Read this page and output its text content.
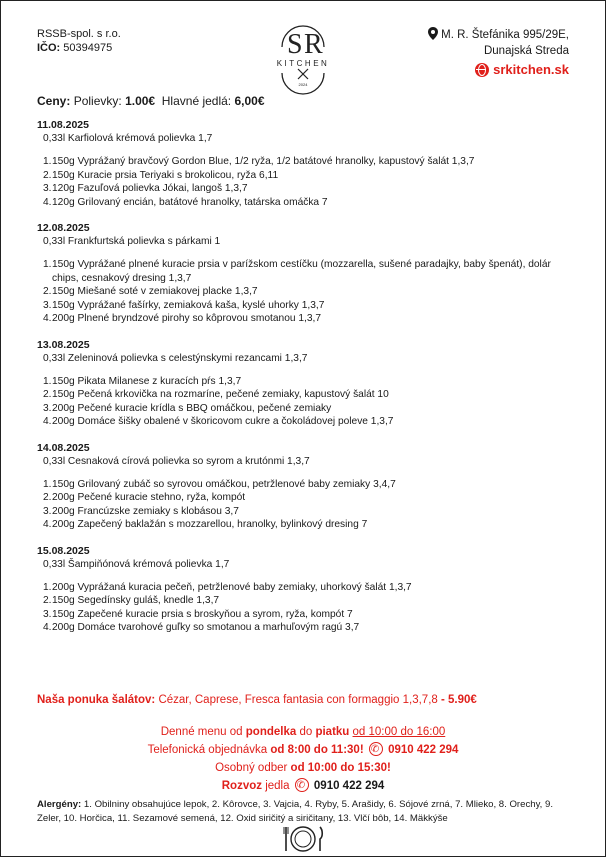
RSSB-spol. s r.o.
IČO: 50394975	S R
KITCHEN
2024
M. R. Štefánika 995/29E,
Dunajská Streda
srkitchen.sk
Ceny: Polievky: 1.00€ Hlavné jedlá: 6,00€
11.08.2025
0,33l Karfiolová krémová polievka 1,7
1. 150g Vyprážaný bravčový Gordon Blue, 1/2 ryža, 1/2 batátové hranolky, kapustový šalát 1,3,7
2. 150g Kuracie prsia Teriyaki s brokolicou, ryža 6,11
3. 120g Fazuľová polievka Jókai, langoš 1,3,7
4. 120g Grilovaný encián, batátové hranolky, tatárska omáčka 7
12.08.2025
0,33l Frankfurtská polievka s párkami 1
1. 150g Vyprážané plnené kuracie prsia v parížskom cestíčku (mozzarella, sušené paradajky, baby špenát), dolár chips, cesnakový dresing 1,3,7
2. 150g Miešané soté v zemiakovej placke 1,3,7
3. 150g Vyprážané fašírky, zemiaková kaša, kyslé uhorky 1,3,7
4. 200g Plnené bryndzové pirohy so kôprovou smotanou 1,3,7
13.08.2025
0,33l Zeleninová polievka s celestýnskymi rezancami 1,3,7
1. 150g Pikata Milanese z kuracích pŕs 1,3,7
2. 150g Pečená krkovička na rozmaríne, pečené zemiaky, kapustový šalát 10
3. 200g Pečené kuracie krídla s BBQ omáčkou, pečené zemiaky
4. 200g Domáce šišky obalené v škoricovom cukre a čokoládovej poleve 1,3,7
14.08.2025
0,33l Cesnaková círová polievka so syrom a krutónmi 1,3,7
1. 150g Grilovaný zubáč so syrovou omáčkou, petržlenové baby zemiaky 3,4,7
2. 200g Pečené kuracie stehno, ryža, kompót
3. 200g Francúzske zemiaky s klobásou 3,7
4. 200g Zapečený baklažán s mozzarellou, hranolky, bylinkový dresing 7
15.08.2025
0,33l Šampiňónová krémová polievka 1,7
1. 200g Vyprážaná kuracia pečeň, petržlenové baby zemiaky, uhorkový šalát 1,3,7
2. 150g Segedínsky guláš, knedle 1,3,7
3. 150g Zapečené kuracie prsia s broskyňou a syrom, ryža, kompót 7
4. 200g Domáce tvarohové guľky so smotanou a marhuľovým ragú 3,7
Naša ponuka šalátov: Cézar, Caprese, Fresca fantasia con formaggio 1,3,7,8 - 5.90€
Denné menu od pondelka do piatku od 10:00 do 16:00
Telefonická objednávka od 8:00 do 11:30! ✆ 0910 422 294
Osobný odber od 10:00 do 15:30!
Rozvoz jedla ✆ 0910 422 294
Alergény: 1. Obilniny obsahujúce lepok, 2. Kôrovce, 3. Vajcia, 4. Ryby, 5. Arašidy, 6. Sójové zrná, 7. Mlieko, 8. Orechy, 9. Zeler, 10. Horčica, 11. Sezamové semená, 12. Oxid siričitý a siričitany, 13. Vlčí bôb, 14. Mäkkýše
